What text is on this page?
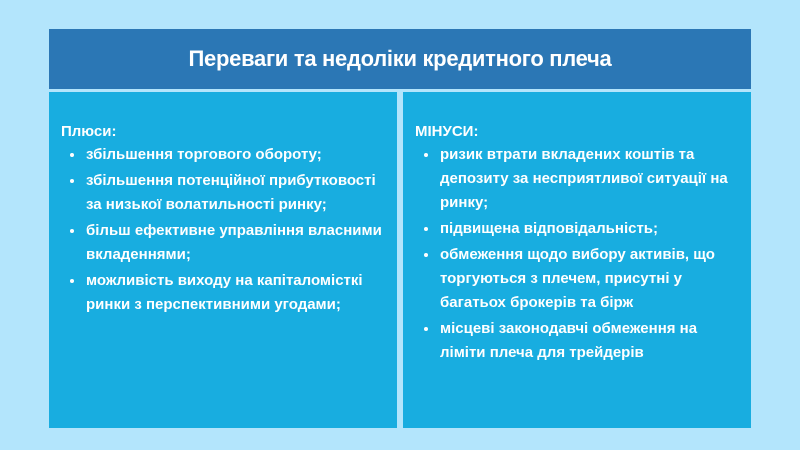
Переваги та недоліки кредитного плеча
Плюси:
збільшення торгового обороту;
збільшення потенційної прибутковості за низької волатильності ринку;
більш ефективне управління власними вкладеннями;
можливість виходу на капіталомісткі ринки з перспективними угодами;
МІНУСИ:
ризик втрати вкладених коштів та депозиту за несприятливої ситуації на ринку;
підвищена відповідальність;
обмеження щодо вибору активів, що торгуються з плечем, присутні у багатьох брокерів та бірж
місцеві законодавчі обмеження на ліміти плеча для трейдерів
